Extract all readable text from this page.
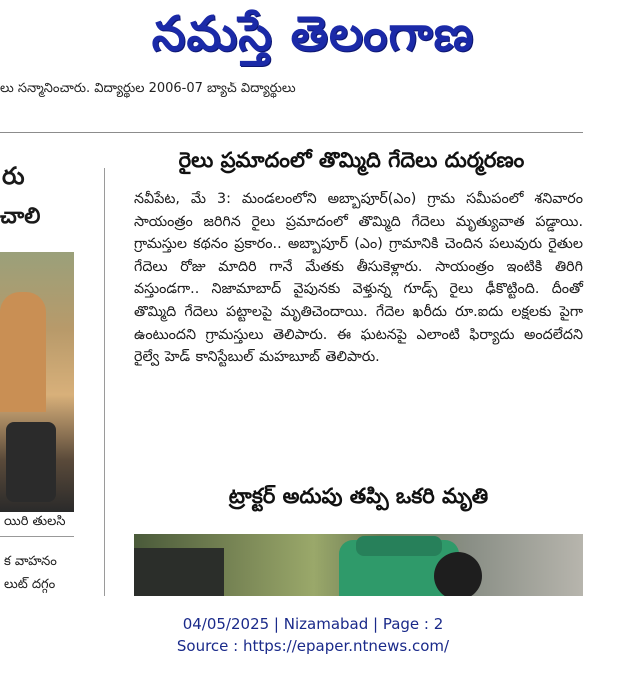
నమస్తే తెలంగాణ
లు సన్మానించారు. విద్యార్థుల 2006-07 బ్యాచ్ విద్యార్థులు
రు
చాలి
యిరి తులసి
క వాహనం
లుట్ దగ్గం
రైలు ప్రమాదంలో తొమ్మిది గేదెలు దుర్మరణం
నవీపేట, మే 3: మండలంలోని అబ్బాపూర్(ఎం) గ్రామ సమీపంలో శనివారం సాయంత్రం జరిగిన రైలు ప్రమాదంలో తొమ్మిది గేదెలు మృత్యువాత పడ్డాయి. గ్రామస్తుల కథనం ప్రకారం.. అబ్బాపూర్ (ఎం) గ్రామానికి చెందిన పలువురు రైతుల గేదెలు రోజు మాదిరి గానే మేతకు తీసుకెళ్లారు. సాయంత్రం ఇంటికి తిరిగి వస్తుండగా.. నిజామాబాద్ వైపునకు వెళ్తున్న గూడ్స్ రైలు ఢీకొట్టింది. దీంతో తొమ్మిది గేదెలు పట్టాలపై మృతిచెందాయి. గేదెల ఖరీదు రూ.ఐదు లక్షలకు పైగా ఉంటుందని గ్రామస్తులు తెలిపారు. ఈ ఘటనపై ఎలాంటి ఫిర్యాదు అందలేదని రైల్వే హెడ్ కానిస్టేబుల్ మహబూబ్ తెలిపారు.
ట్రాక్టర్ అదుపు తప్పి ఒకరి మృతి
04/05/2025 | Nizamabad | Page : 2
Source : https://epaper.ntnews.com/
